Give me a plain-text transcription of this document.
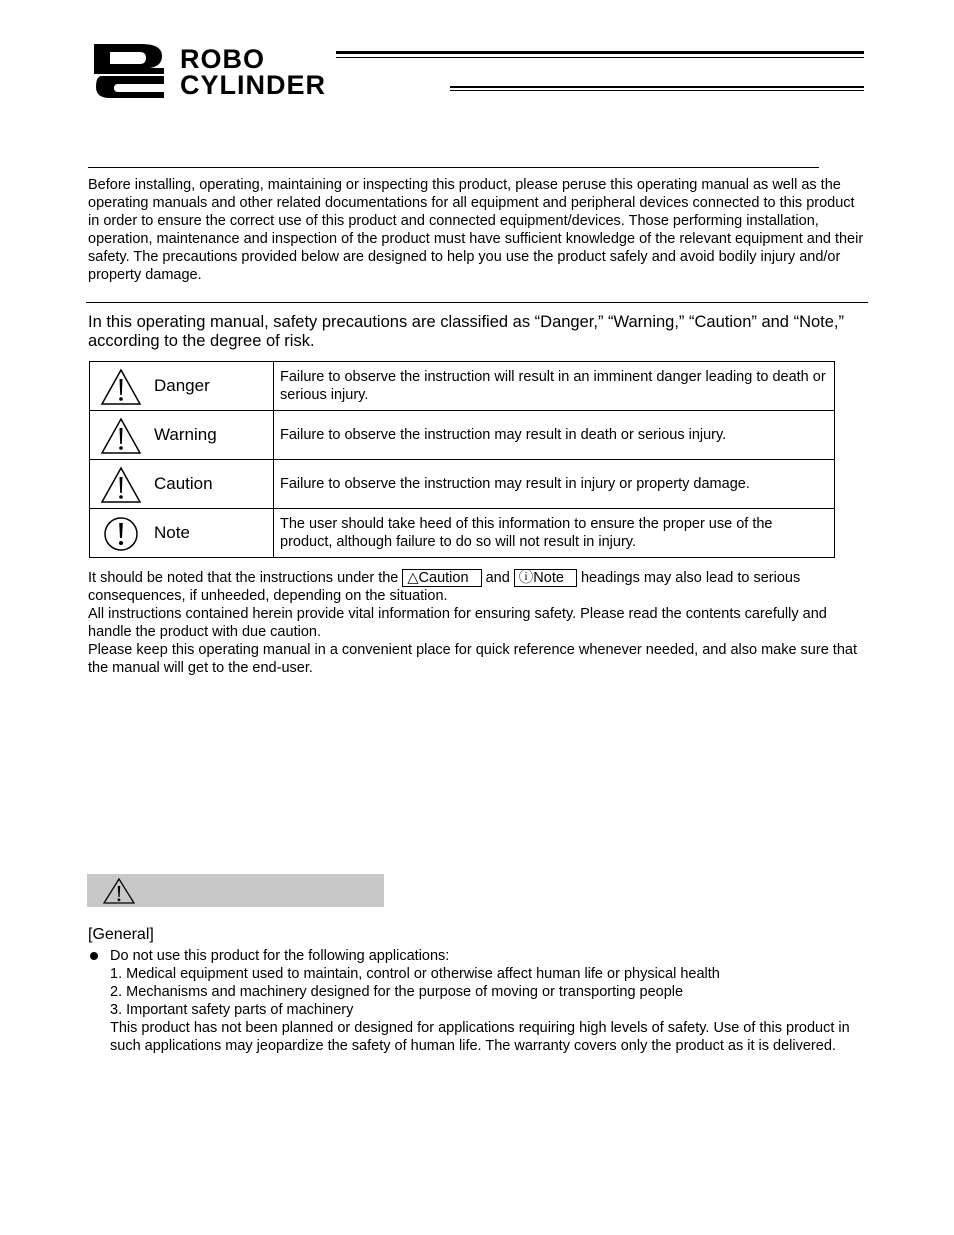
ROBO
CYLINDER

Before installing, operating, maintaining or inspecting this product, please peruse this operating manual as well as the operating manuals and other related documentations for all equipment and peripheral devices connected to this product in order to ensure the correct use of this product and connected equipment/devices. Those performing installation, operation, maintenance and inspection of the product must have sufficient knowledge of the relevant equipment and their safety. The precautions provided below are designed to help you use the product safely and avoid bodily injury and/or property damage.

In this operating manual, safety precautions are classified as “Danger,” “Warning,” “Caution” and “Note,” according to the degree of risk.

Danger	Failure to observe the instruction will result in an imminent danger leading to death or serious injury.

Warning	Failure to observe the instruction may result in death or serious injury.

Caution	Failure to observe the instruction may result in injury or property damage.

Note	The user should take heed of this information to ensure the proper use of the product, although failure to do so will not result in injury.

It should be noted that the instructions under the △Caution and ⓘNote headings may also lead to serious consequences, if unheeded, depending on the situation.

All instructions contained herein provide vital information for ensuring safety. Please read the contents carefully and handle the product with due caution.

Please keep this operating manual in a convenient place for quick reference whenever needed, and also make sure that the manual will get to the end-user.

[General]
Do not use this product for the following applications:
1. Medical equipment used to maintain, control or otherwise affect human life or physical health
2. Mechanisms and machinery designed for the purpose of moving or transporting people
3. Important safety parts of machinery
This product has not been planned or designed for applications requiring high levels of safety. Use of this product in such applications may jeopardize the safety of human life. The warranty covers only the product as it is delivered.
